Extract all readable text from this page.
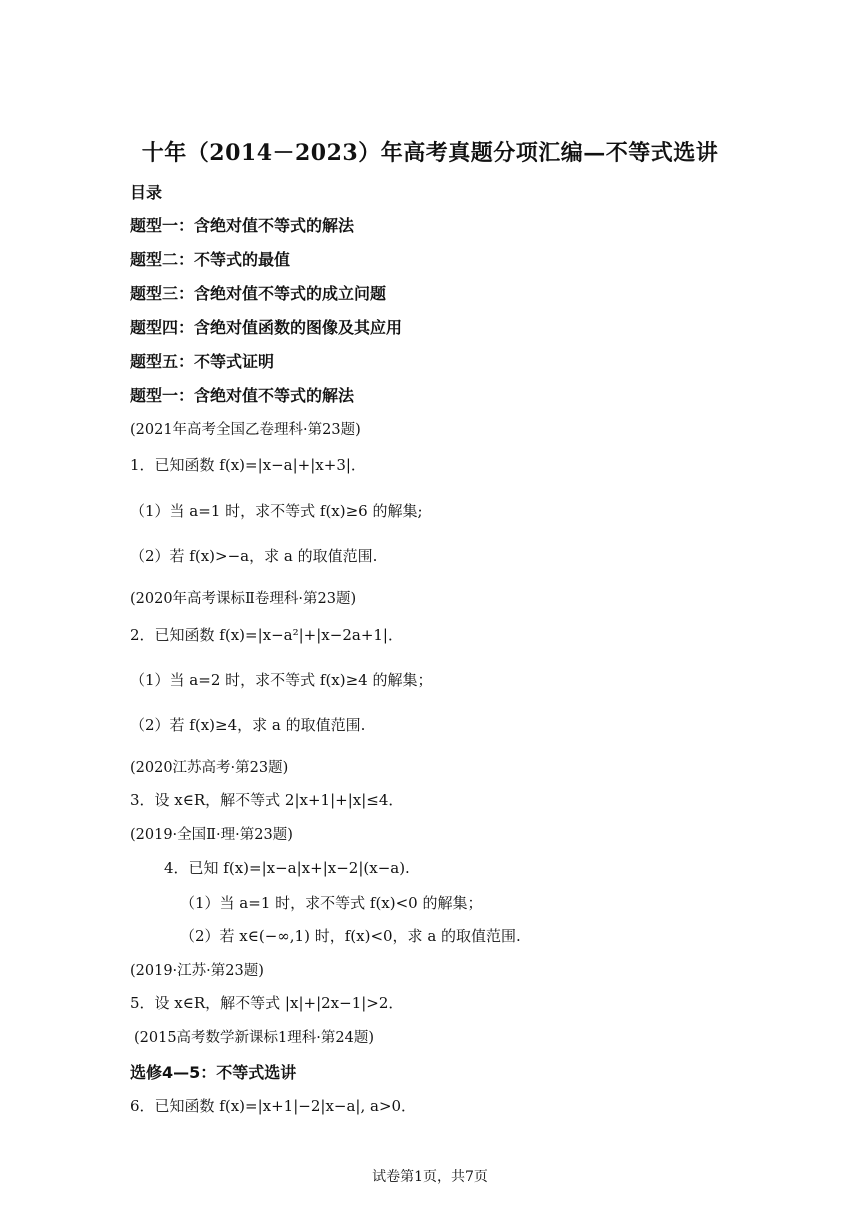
十年（2014－2023）年高考真题分项汇编—不等式选讲
目录
题型一：含绝对值不等式的解法
题型二：不等式的最值
题型三：含绝对值不等式的成立问题
题型四：含绝对值函数的图像及其应用
题型五：不等式证明
题型一：含绝对值不等式的解法
(2021年高考全国乙卷理科·第23题)
1．已知函数 f(x)=|x−a|+|x+3|．
（1）当 a=1 时，求不等式 f(x)≥6 的解集;
（2）若 f(x)>−a，求 a 的取值范围.
(2020年高考课标Ⅱ卷理科·第23题)
2．已知函数 f(x)=|x−a²|+|x−2a+1|．
（1）当 a=2 时，求不等式 f(x)≥4 的解集；
（2）若 f(x)≥4，求 a 的取值范围.
(2020江苏高考·第23题)
3．设 x∈R，解不等式 2|x+1|+|x|≤4．
(2019·全国Ⅱ·理·第23题)
4．已知 f(x)=|x−a|x+|x−2|(x−a).
（1）当 a=1 时，求不等式 f(x)<0 的解集；
（2）若 x∈(−∞,1) 时，f(x)<0，求 a 的取值范围.
(2019·江苏·第23题)
5．设 x∈R，解不等式 |x|+|2x−1|>2．
(2015高考数学新课标1理科·第24题)
选修4—5：不等式选讲
6．已知函数 f(x)=|x+1|−2|x−a|, a>0．
试卷第1页，共7页
